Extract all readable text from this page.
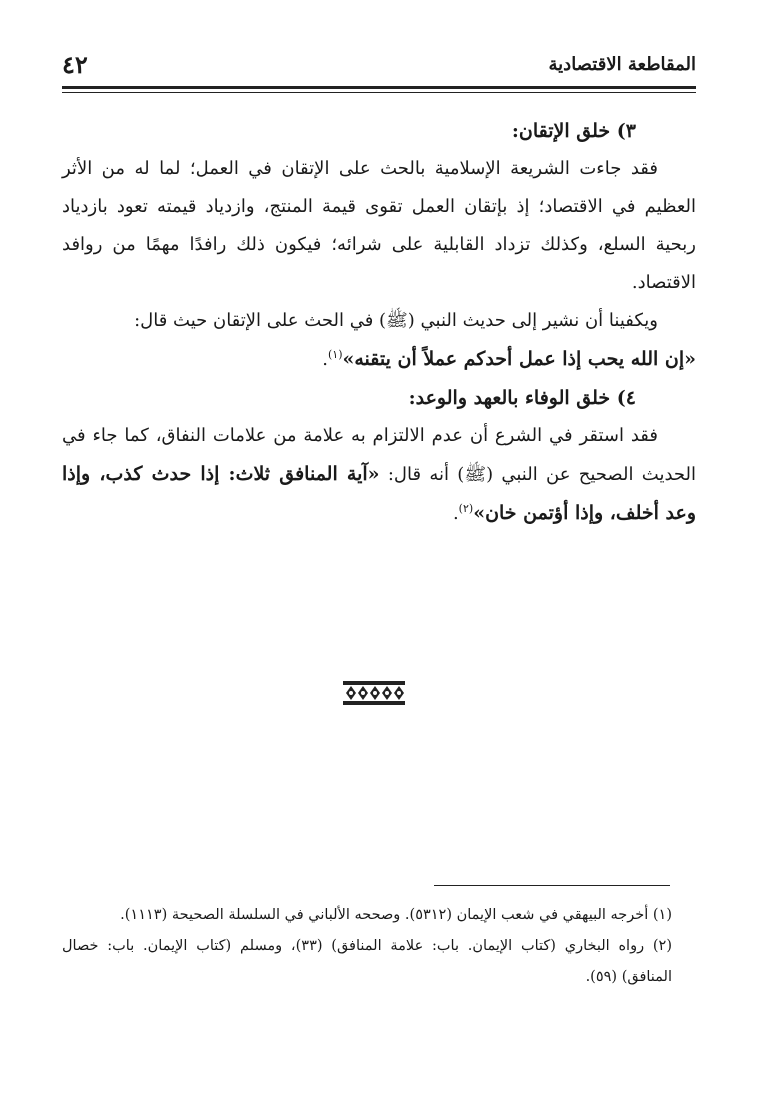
٤٢	المقاطعة الاقتصادية

٣) خلق الإتقان:

فقد جاءت الشريعة الإسلامية بالحث على الإتقان في العمل؛ لما له من الأثر العظيم في الاقتصاد؛ إذ بإتقان العمل تقوى قيمة المنتج، وازدياد قيمته تعود بازدياد ربحية السلع، وكذلك تزداد القابلية على شرائه؛ فيكون ذلك رافدًا مهمًا من روافد الاقتصاد.

ويكفينا أن نشير إلى حديث النبي (ﷺ) في الحث على الإتقان حيث قال:

«إن الله يحب إذا عمل أحدكم عملاً أن يتقنه»$^{(١)}$.

٤) خلق الوفاء بالعهد والوعد:

فقد استقر في الشرع أن عدم الالتزام به علامة من علامات النفاق، كما جاء في الحديث الصحيح عن النبي (ﷺ) أنه قال: «آية المنافق ثلاث: إذا حدث كذب، وإذا وعد أخلف، وإذا أؤتمن خان»$^{(٢)}$.

(١) أخرجه البيهقي في شعب الإيمان (٥٣١٢). وصححه الألباني في السلسلة الصحيحة (١١١٣).

(٢) رواه البخاري (كتاب الإيمان. باب: علامة المنافق) (٣٣)، ومسلم (كتاب الإيمان. باب: خصال المنافق) (٥٩).
